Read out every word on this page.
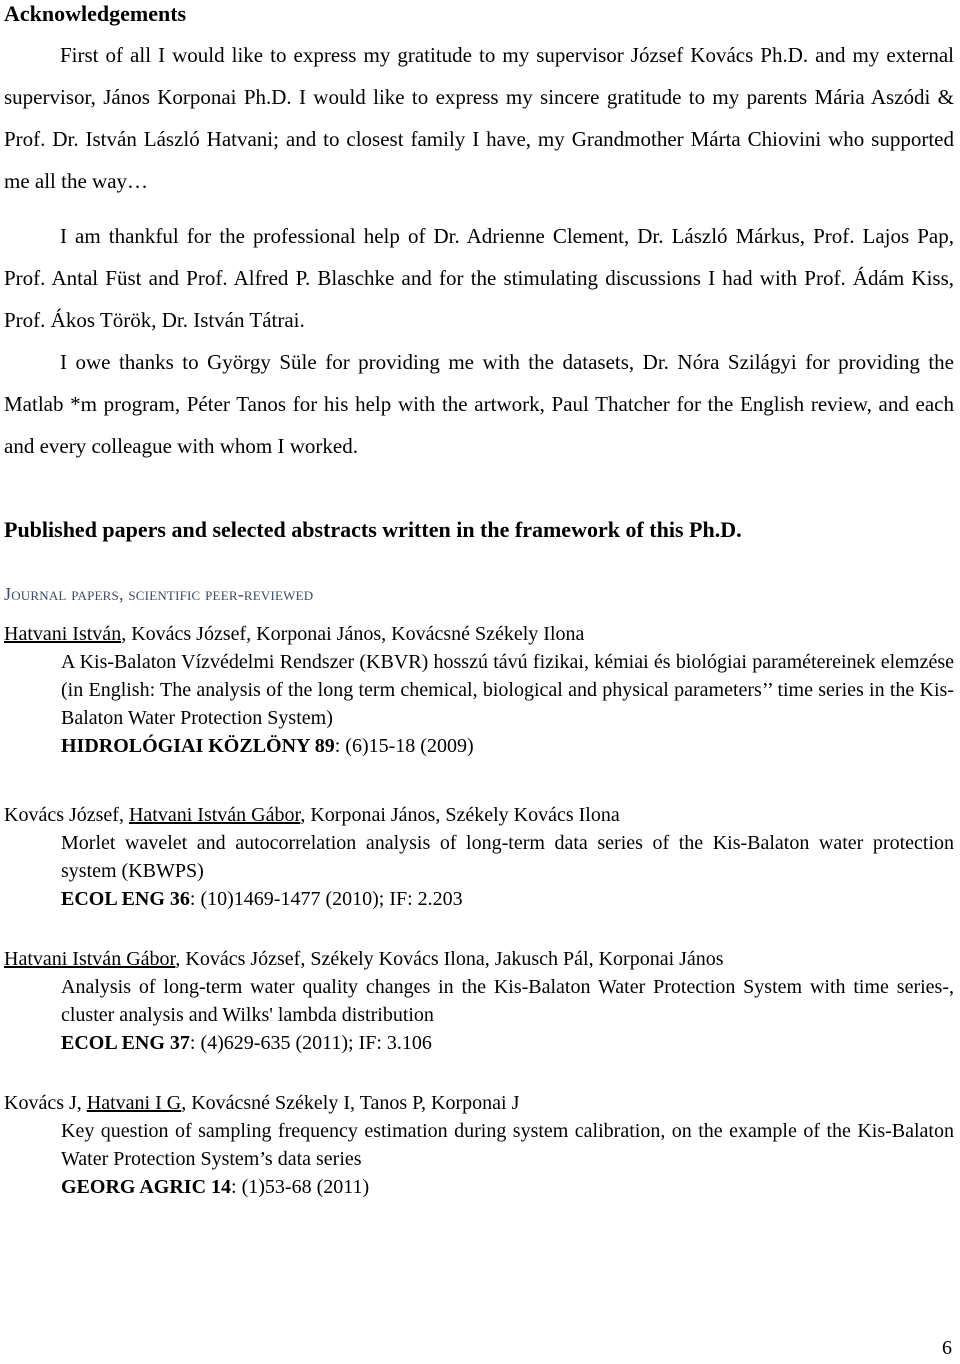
Acknowledgements

First of all I would like to express my gratitude to my supervisor József Kovács Ph.D. and my external supervisor, János Korponai Ph.D. I would like to express my sincere gratitude to my parents Mária Aszódi & Prof. Dr. István László Hatvani; and to closest family I have, my Grandmother Márta Chiovini who supported me all the way…

I am thankful for the professional help of Dr. Adrienne Clement, Dr. László Márkus, Prof. Lajos Pap, Prof. Antal Füst and Prof. Alfred P. Blaschke and for the stimulating discussions I had with Prof. Ádám Kiss, Prof. Ákos Török, Dr. István Tátrai.

I owe thanks to György Süle for providing me with the datasets, Dr. Nóra Szilágyi for providing the Matlab *m program, Péter Tanos for his help with the artwork, Paul Thatcher for the English review, and each and every colleague with whom I worked.

Published papers and selected abstracts written in the framework of this Ph.D.
Journal papers, scientific peer-reviewed

Hatvani István, Kovács József, Korponai János, Kovácsné Székely Ilona

A Kis-Balaton Vízvédelmi Rendszer (KBVR) hosszú távú fizikai, kémiai és biológiai paramétereinek elemzése (in English: The analysis of the long term chemical, biological and physical parameters’’ time series in the Kis-Balaton Water Protection System)

HIDROLÓGIAI KÖZLÖNY 89: (6)15-18 (2009)

Kovács József, Hatvani István Gábor, Korponai János, Székely Kovács Ilona

Morlet wavelet and autocorrelation analysis of long-term data series of the Kis-Balaton water protection system (KBWPS)

ECOL ENG 36: (10)1469-1477 (2010); IF: 2.203

Hatvani István Gábor, Kovács József, Székely Kovács Ilona, Jakusch Pál, Korponai János

Analysis of long-term water quality changes in the Kis-Balaton Water Protection System with time series-, cluster analysis and Wilks' lambda distribution

ECOL ENG 37: (4)629-635 (2011); IF: 3.106

Kovács J, Hatvani I G, Kovácsné Székely I, Tanos P, Korponai J

Key question of sampling frequency estimation during system calibration, on the example of the Kis-Balaton Water Protection System’s data series

GEORG AGRIC 14: (1)53-68 (2011)

6
